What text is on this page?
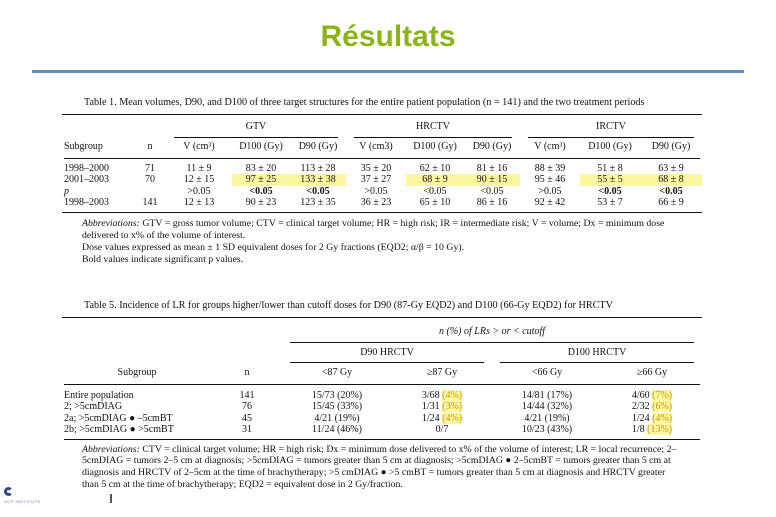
Résultats
Table 1. Mean volumes, D90, and D100 of three target structures for the entire patient population (n = 141) and the two treatment periods
		GTV			HRCTV			IRCTV		

Subgroup	n	V (cm³)	D100 (Gy)	D90 (Gy)	V (cm3)	D100 (Gy)	D90 (Gy)	V (cm³)	D100 (Gy)	D90 (Gy)

1998–2000	71	11 ± 9	83 ± 20	113 ± 28	35 ± 20	62 ± 10	81 ± 16	88 ± 39	51 ± 8	63 ± 9
2001–2003	70	12 ± 15	97 ± 25	133 ± 38	37 ± 27	68 ± 9	90 ± 15	95 ± 46	55 ± 5	68 ± 8
p		>0.05	<0.05	<0.05	>0.05	<0.05	<0.05	>0.05	<0.05	<0.05
1998–2003	141	12 ± 13	90 ± 23	123 ± 35	36 ± 23	65 ± 10	86 ± 16	92 ± 42	53 ± 7	66 ± 9
Abbreviations: GTV = gross tumor volume; CTV = clinical target volume; HR = high risk; IR = intermediate risk; V = volume; Dx = minimum dose delivered to x% of the volume of interest.
Dose values expressed as mean ± 1 SD equivalent doses for 2 Gy fractions (EQD2; α/β = 10 Gy).
Bold values indicate significant p values.
Table 5. Incidence of LR for groups higher/lower than cutoff doses for D90 (87-Gy EQD2) and D100 (66-Gy EQD2) for HRCTV
		n (%) of LRs > or < cutoff			

		D90 HRCTV		D100 HRCTV	

Subgroup	n	<87 Gy	≥87 Gy	<66 Gy	≥66 Gy

Entire population	141	15/73 (20%)	3/68 (4%)	14/81 (17%)	4/60 (7%)
2; >5cmDIAG	76	15/45 (33%)	1/31 (3%)	14/44 (32%)	2/32 (6%)
2a; >5cmDIAG ● –5cmBT	45	4/21 (19%)	1/24 (4%)	4/21 (19%)	1/24 (4%)
2b; >5cmDIAG ● >5cmBT	31	11/24 (46%)	0/7	10/23 (43%)	1/8 (13%)

Abbreviations: CTV = clinical target volume; HR = high risk; Dx = minimum dose delivered to x% of the volume of interest; LR = local recurrence; 2–5cmDIAG = tumors 2–5 cm at diagnosis; >5cmDIAG = tumors greater than 5 cm at diagnosis; >5cmDIAG ● 2–5cmBT = tumors greater than 5 cm at diagnosis and HRCTV of 2–5cm at the time of brachytherapy; >5 cmDIAG ● >5 cmBT = tumors greater than 5 cm at diagnosis and HRCTV greater than 5 cm at the time of brachytherapy; EQD2 = equivalent dose in 2 Gy/fraction.					
HCP INSTITUTE
